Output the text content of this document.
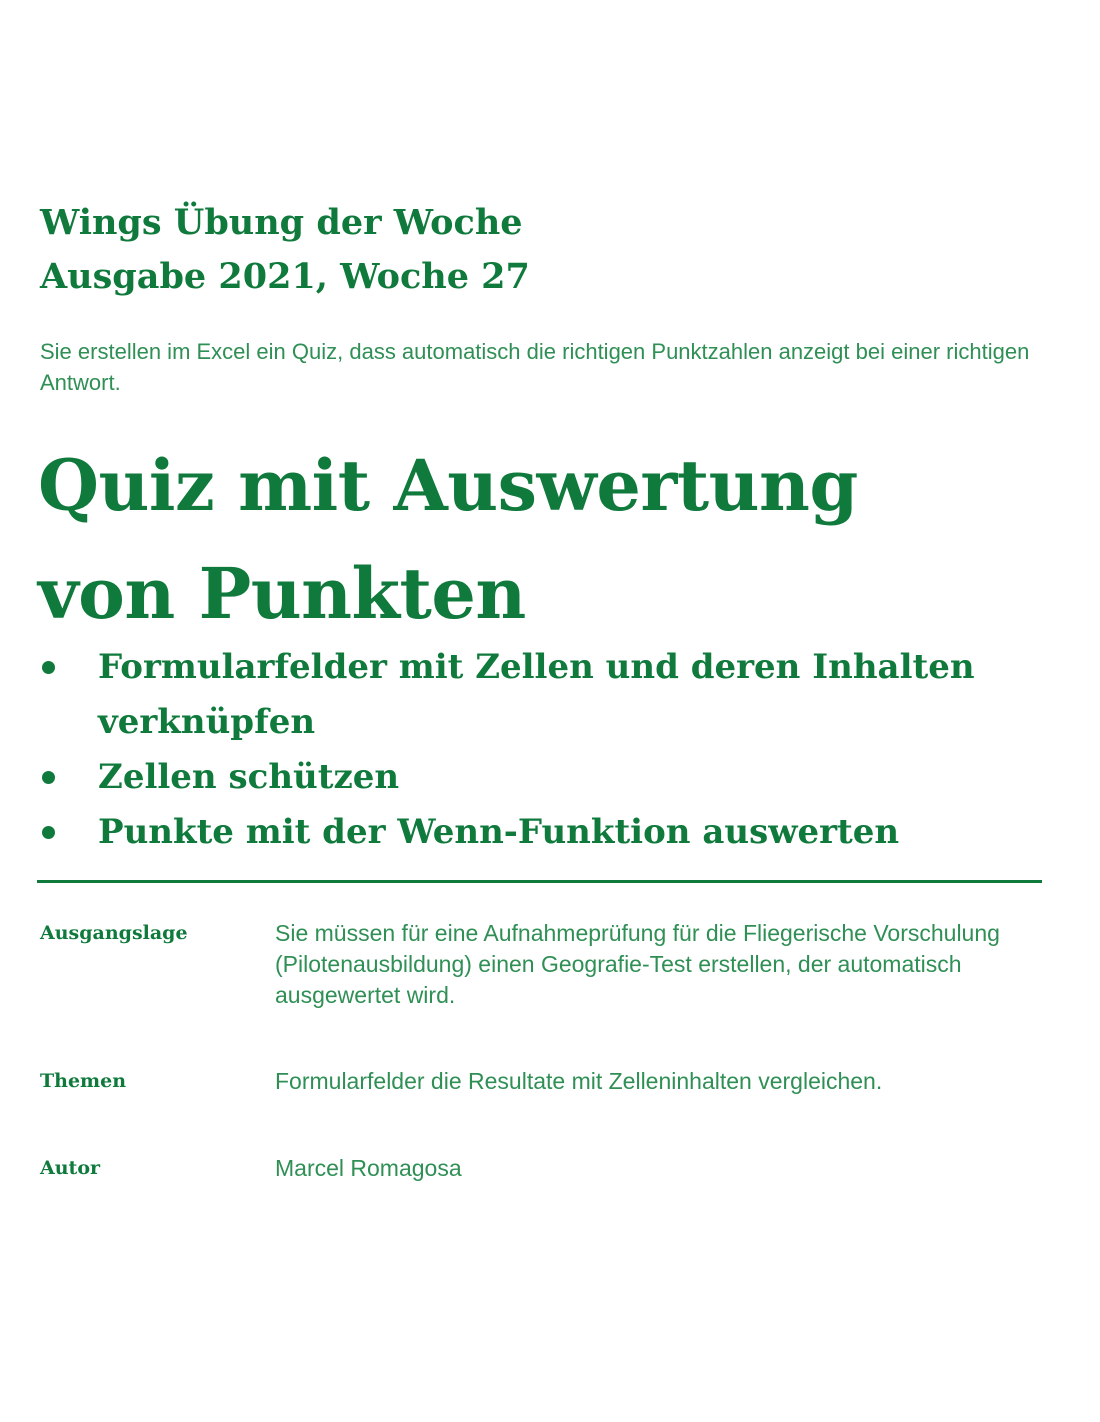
Wings Übung der Woche
Ausgabe 2021, Woche 27
Sie erstellen im Excel ein Quiz, dass automatisch die richtigen Punktzahlen anzeigt bei einer richtigen Antwort.
Quiz mit Auswertung
von Punkten
Formularfelder mit Zellen und deren Inhalten verknüpfen
Zellen schützen
Punkte mit der Wenn-Funktion auswerten
Ausgangslage	Sie müssen für eine Aufnahmeprüfung für die Fliegerische Vorschulung (Pilotenausbildung) einen Geografie-Test erstellen, der automatisch ausgewertet wird.
Themen	Formularfelder die Resultate mit Zelleninhalten vergleichen.
Autor	Marcel Romagosa
